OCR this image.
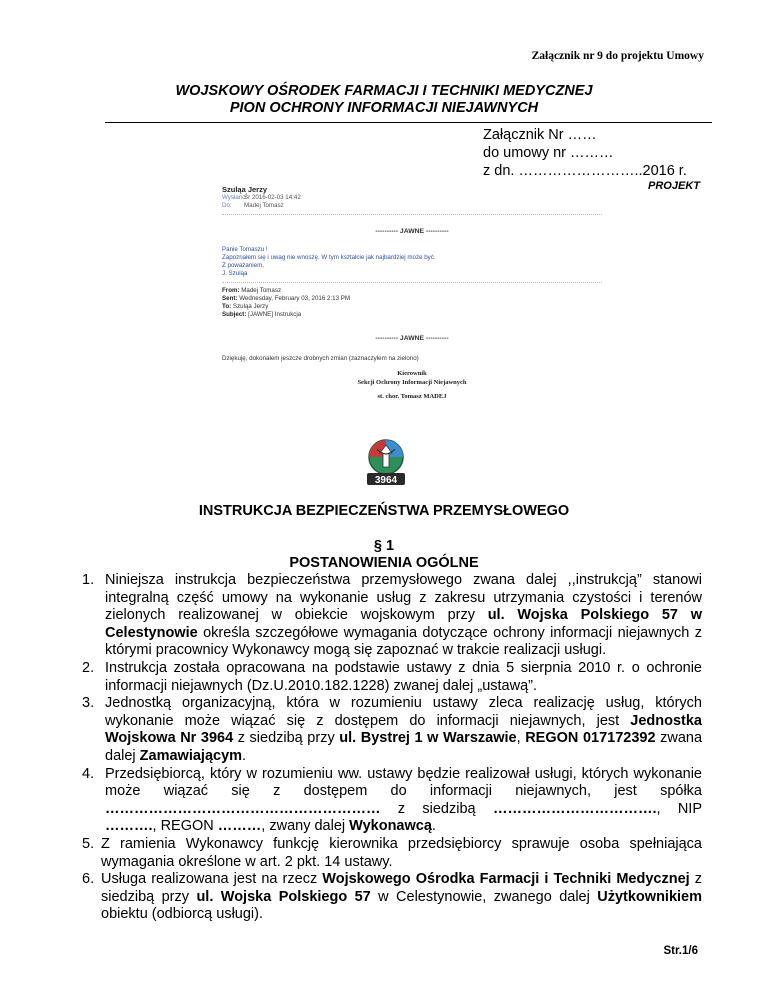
Załącznik nr 9 do projektu Umowy
WOJSKOWY OŚRODEK FARMACJI I TECHNIKI MEDYCZNEJ
PION OCHRONY INFORMACJI NIEJAWNYCH
Załącznik Nr ……
do umowy nr ………
z dn. ……………………..2016 r.
PROJEKT
Szuląa Jerzy
Wysłano:Śr 2016-02-03 14:42
Do: Madej Tomasz
---------- JAWNE ----------
Panie Tomaszu !
Zapoznałem się i uwag nie wnoszę. W tym kształcie jak najbardziej może być.
Z poważaniem,
J. Szuląa
From: Madej Tomasz
Sent: Wednesday, February 03, 2016 2:13 PM
To: Szuląa Jerzy
Subject: [JAWNE] Instrukcja
---------- JAWNE ----------
Dziękuję, dokonałem jeszcze drobnych zmian (zaznaczyłem na zielono)
Kierownik
Sekcji Ochrony Informacji Niejawnych
st. chor. Tomasz MADEJ
3964
INSTRUKCJA BEZPIECZEŃSTWA PRZEMYSŁOWEGO
§ 1
POSTANOWIENIA OGÓLNE
1. Niniejsza instrukcja bezpieczeństwa przemysłowego zwana dalej ,,instrukcją” stanowi integralną część umowy na wykonanie usług z zakresu utrzymania czystości i terenów zielonych realizowanej w obiekcie wojskowym przy ul. Wojska Polskiego 57 w Celestynowie określa szczegółowe wymagania dotyczące ochrony informacji niejawnych z którymi pracownicy Wykonawcy mogą się zapoznać w trakcie realizacji usługi.
2. Instrukcja została opracowana na podstawie ustawy z dnia 5 sierpnia 2010 r. o ochronie informacji niejawnych (Dz.U.2010.182.1228) zwanej dalej „ustawą”.
3. Jednostką organizacyjną, która w rozumieniu ustawy zleca realizację usług, których wykonanie może wiązać się z dostępem do informacji niejawnych, jest Jednostka Wojskowa Nr 3964 z siedzibą przy ul. Bystrej 1 w Warszawie, REGON 017172392 zwana dalej Zamawiającym.
4. Przedsiębiorcą, który w rozumieniu ww. ustawy będzie realizował usługi, których wykonanie może wiązać się z dostępem do informacji niejawnych, jest spółka ………………………………………………… z siedzibą ……………………………., NIP ………., REGON ………, zwany dalej Wykonawcą.
5. Z ramienia Wykonawcy funkcję kierownika przedsiębiorcy sprawuje osoba spełniająca wymagania określone w art. 2 pkt. 14 ustawy.
6. Usługa realizowana jest na rzecz Wojskowego Ośrodka Farmacji i Techniki Medycznej z siedzibą przy ul. Wojska Polskiego 57 w Celestynowie, zwanego dalej Użytkownikiem obiektu (odbiorcą usługi).
Str.1/6
